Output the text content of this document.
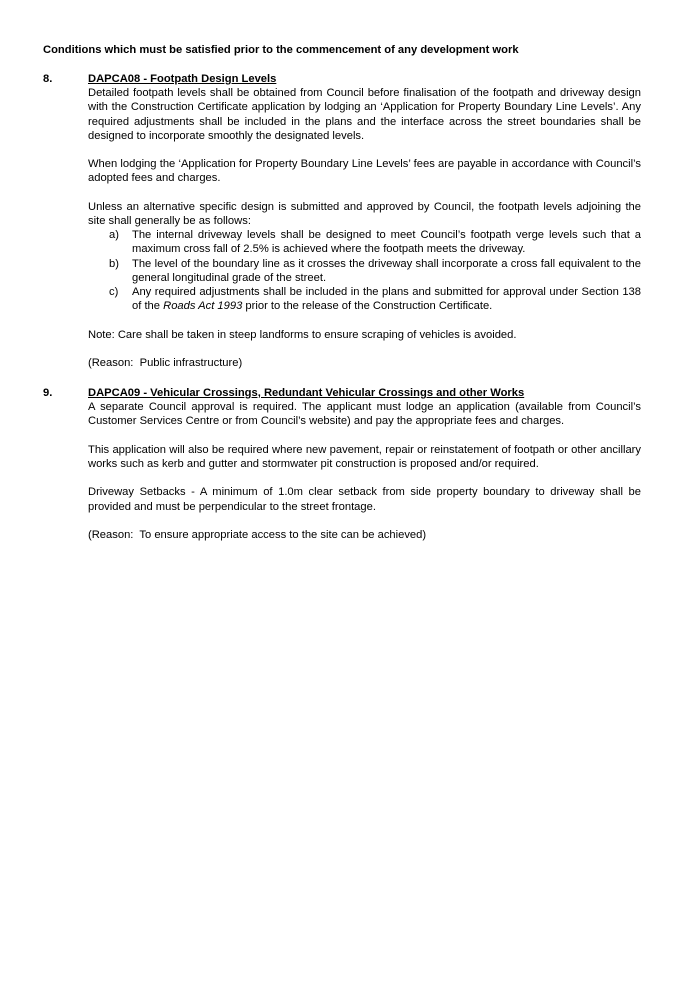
Conditions which must be satisfied prior to the commencement of any development work
8.	DAPCA08 - Footpath Design Levels

Detailed footpath levels shall be obtained from Council before finalisation of the footpath and driveway design with the Construction Certificate application by lodging an ‘Application for Property Boundary Line Levels’. Any required adjustments shall be included in the plans and the interface across the street boundaries shall be designed to incorporate smoothly the designated levels.

When lodging the ‘Application for Property Boundary Line Levels’ fees are payable in accordance with Council’s adopted fees and charges.

Unless an alternative specific design is submitted and approved by Council, the footpath levels adjoining the site shall generally be as follows:

a) The internal driveway levels shall be designed to meet Council’s footpath verge levels such that a maximum cross fall of 2.5% is achieved where the footpath meets the driveway.
b) The level of the boundary line as it crosses the driveway shall incorporate a cross fall equivalent to the general longitudinal grade of the street.
c) Any required adjustments shall be included in the plans and submitted for approval under Section 138 of the Roads Act 1993 prior to the release of the Construction Certificate.

Note: Care shall be taken in steep landforms to ensure scraping of vehicles is avoided.

(Reason:  Public infrastructure)

9.	DAPCA09 - Vehicular Crossings, Redundant Vehicular Crossings and other Works

A separate Council approval is required. The applicant must lodge an application (available from Council’s Customer Services Centre or from Council’s website) and pay the appropriate fees and charges.

This application will also be required where new pavement, repair or reinstatement of footpath or other ancillary works such as kerb and gutter and stormwater pit construction is proposed and/or required.

Driveway Setbacks - A minimum of 1.0m clear setback from side property boundary to driveway shall be provided and must be perpendicular to the street frontage.

(Reason:  To ensure appropriate access to the site can be achieved)
